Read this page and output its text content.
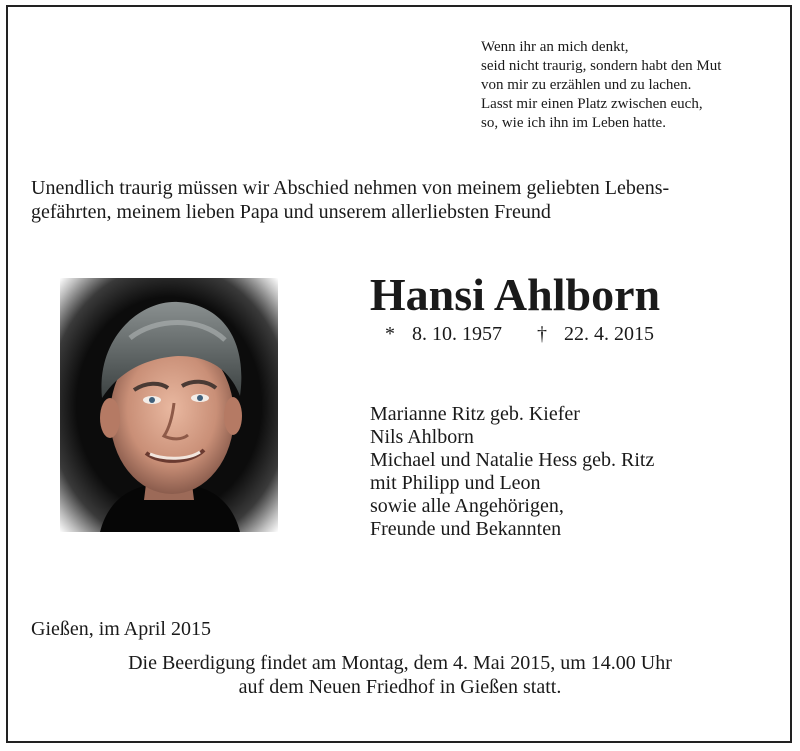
Wenn ihr an mich denkt,
seid nicht traurig, sondern habt den Mut
von mir zu erzählen und zu lachen.
Lasst mir einen Platz zwischen euch,
so, wie ich ihn im Leben hatte.
Unendlich traurig müssen wir Abschied nehmen von meinem geliebten Lebens-
gefährten, meinem lieben Papa und unserem allerliebsten Freund
Hansi Ahlborn
* 8. 10. 1957 † 22. 4. 2015
Marianne Ritz geb. Kiefer
Nils Ahlborn
Michael und Natalie Hess geb. Ritz
mit Philipp und Leon
sowie alle Angehörigen,
Freunde und Bekannten
Gießen, im April 2015
Die Beerdigung findet am Montag, dem 4. Mai 2015, um 14.00 Uhr
auf dem Neuen Friedhof in Gießen statt.
